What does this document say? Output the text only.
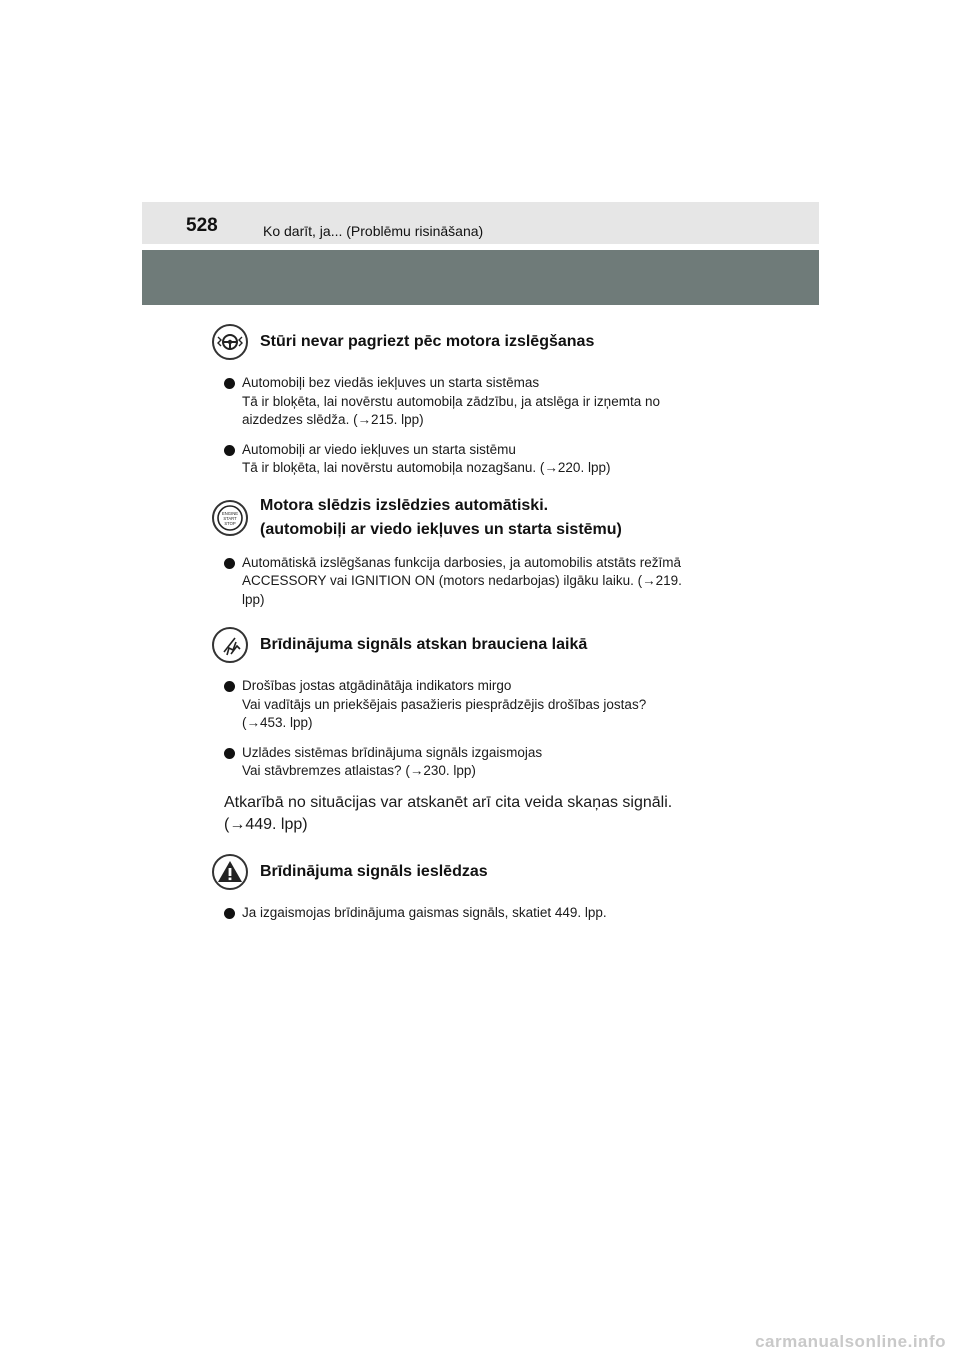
528	Ko darīt, ja... (Problēmu risināšana)
Stūri nevar pagriezt pēc motora izslēgšanas
Automobiļi bez viedās iekļuves un starta sistēmas
Tā ir bloķēta, lai novērstu automobiļa zādzību, ja atslēga ir izņemta no
aizdedzes slēdža. (→215. lpp)
Automobiļi ar viedo iekļuves un starta sistēmu
Tā ir bloķēta, lai novērstu automobiļa nozagšanu. (→220. lpp)
ENGINE
START
STOP
Motora slēdzis izslēdzies automātiski.
(automobiļi ar viedo iekļuves un starta sistēmu)
Automātiskā izslēgšanas funkcija darbosies, ja automobilis atstāts režīmā
ACCESSORY vai IGNITION ON (motors nedarbojas) ilgāku laiku. (→219.
lpp)
Brīdinājuma signāls atskan brauciena laikā
Drošības jostas atgādinātāja indikators mirgo
Vai vadītājs un priekšējais pasažieris piesprādzējis drošības jostas?
(→453. lpp)
Uzlādes sistēmas brīdinājuma signāls izgaismojas
Vai stāvbremzes atlaistas? (→230. lpp)
Atkarībā no situācijas var atskanēt arī cita veida skaņas signāli.
(→449. lpp)
Brīdinājuma signāls ieslēdzas
Ja izgaismojas brīdinājuma gaismas signāls, skatiet 449. lpp.
carmanualsonline.info
